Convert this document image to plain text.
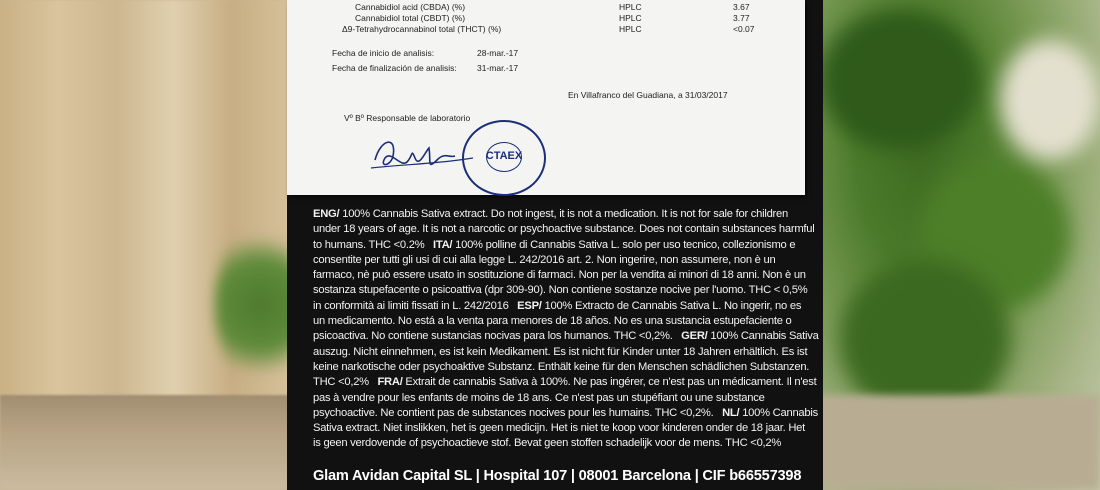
Cannabidiol acid (CBDA) (%)	HPLC	3.67
Cannabidiol total (CBDT) (%)	HPLC	3.77
Δ9-Tetrahydrocannabinol total (THCT) (%)	HPLC	<0.07
Fecha de inicio de analisis:	28-mar.-17
Fecha de finalización de analisis: 31-mar.-17
En Villafranco del Guadiana, a 31/03/2017
Vº Bº Responsable de laboratorio
CTAEX
ENG/ 100% Cannabis Sativa extract. Do not ingest, it is not a medication. It is not for sale for children
under 18 years of age. It is not a narcotic or psychoactive substance. Does not contain substances harmful
to humans. THC <0.2%   ITA/ 100% polline di Cannabis Sativa L. solo per uso tecnico, collezionismo e
consentite per tutti gli usi di cui alla legge L. 242/2016 art. 2. Non ingerire, non assumere, non è un
farmaco, nè può essere usato in sostituzione di farmaci. Non per la vendita ai minori di 18 anni. Non è un
sostanza stupefacente o psicoattiva (dpr 309-90). Non contiene sostanze nocive per l'uomo. THC < 0,5%
in conformità ai limiti fissati in L. 242/2016   ESP/ 100% Extracto de Cannabis Sativa L. No ingerir, no es
un medicamento. No está a la venta para menores de 18 años. No es una sustancia estupefaciente o
psicoactiva. No contiene sustancias nocivas para los humanos. THC <0,2%.   GER/ 100% Cannabis Sativa
auszug. Nicht einnehmen, es ist kein Medikament. Es ist nicht für Kinder unter 18 Jahren erhältlich. Es ist
keine narkotische oder psychoaktive Substanz. Enthält keine für den Menschen schädlichen Substanzen.
THC <0,2%   FRA/ Extrait de cannabis Sativa à 100%. Ne pas ingérer, ce n'est pas un médicament. Il n'est
pas à vendre pour les enfants de moins de 18 ans. Ce n'est pas un stupéfiant ou une substance
psychoactive. Ne contient pas de substances nocives pour les humains. THC <0,2%.   NL/ 100% Cannabis
Sativa extract. Niet inslikken, het is geen medicijn. Het is niet te koop voor kinderen onder de 18 jaar. Het
is geen verdovende of psychoactieve stof. Bevat geen stoffen schadelijk voor de mens. THC <0,2%
Glam Avidan Capital SL | Hospital 107 | 08001 Barcelona | CIF b66557398
